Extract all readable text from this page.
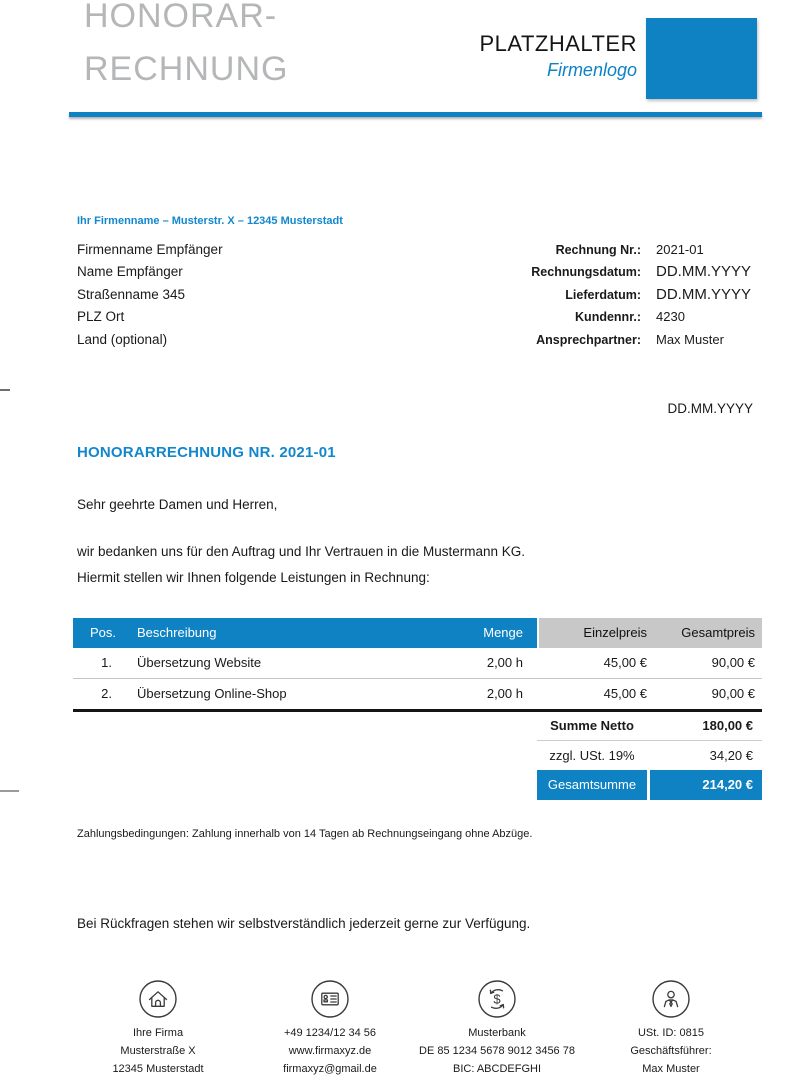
HONORAR-
RECHNUNG
PLATZHALTER
Firmenlogo
Ihr Firmenname – Musterstr. X – 12345 Musterstadt
Firmenname Empfänger
Name Empfänger
Straßenname 345
PLZ Ort
Land (optional)
Rechnung Nr.: 2021-01
Rechnungsdatum: DD.MM.YYYY
Lieferdatum: DD.MM.YYYY
Kundennr.: 4230
Ansprechpartner: Max Muster
DD.MM.YYYY
HONORARRECHNUNG NR. 2021-01
Sehr geehrte Damen und Herren,
wir bedanken uns für den Auftrag und Ihr Vertrauen in die Mustermann KG.
Hiermit stellen wir Ihnen folgende Leistungen in Rechnung:
Pos.	Beschreibung	Menge	Einzelpreis	Gesamtpreis
1.	Übersetzung Website	2,00 h	45,00 €	90,00 €
2.	Übersetzung Online-Shop	2,00 h	45,00 €	90,00 €
Summe Netto	180,00 €
zzgl. USt. 19%	34,20 €
Gesamtsumme	214,20 €
Zahlungsbedingungen: Zahlung innerhalb von 14 Tagen ab Rechnungseingang ohne Abzüge.
Bei Rückfragen stehen wir selbstverständlich jederzeit gerne zur Verfügung.
Ihre Firma
Musterstraße X
12345 Musterstadt
+49 1234/12 34 56
www.firmaxyz.de
firmaxyz@gmail.de
$
Musterbank
DE 85 1234 5678 9012 3456 78
BIC: ABCDEFGHI
USt. ID: 0815
Geschäftsführer:
Max Muster
